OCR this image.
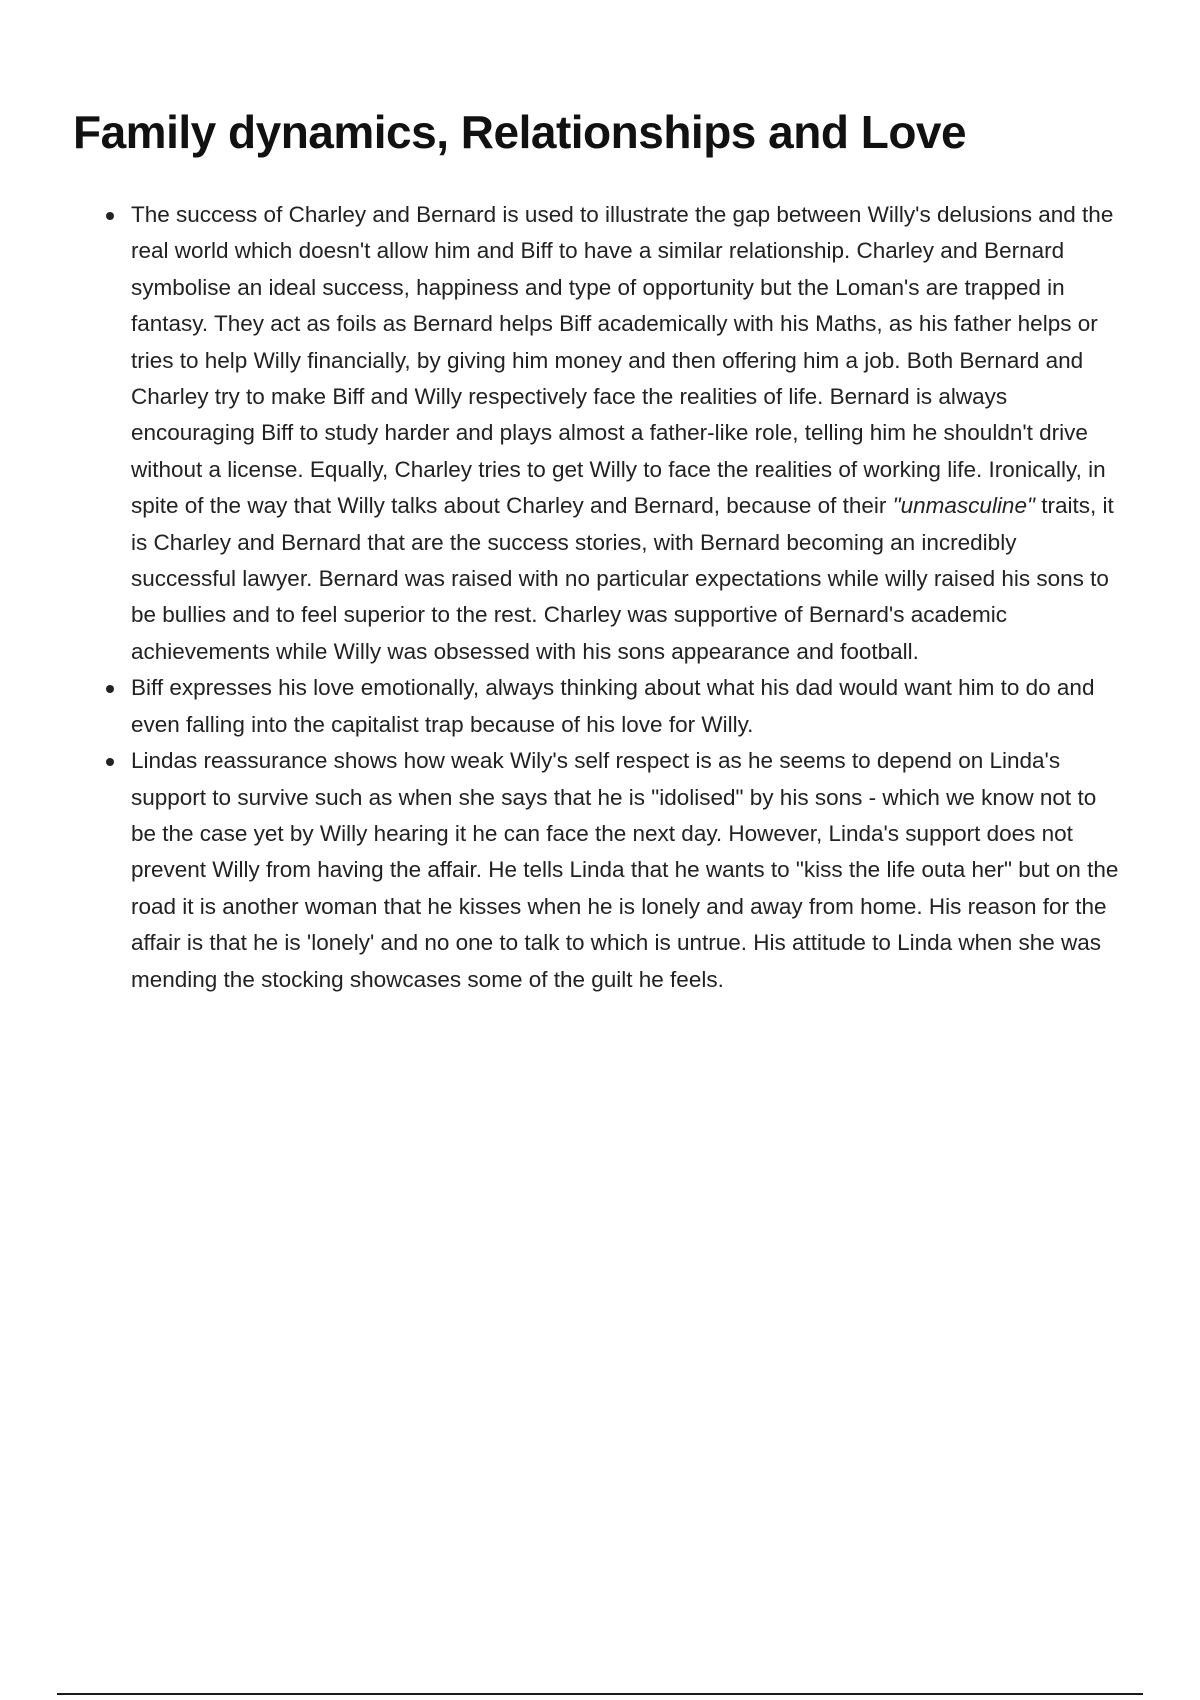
Family dynamics, Relationships and Love
The success of Charley and Bernard is used to illustrate the gap between Willy's delusions and the real world which doesn't allow him and Biff to have a similar relationship. Charley and Bernard symbolise an ideal success, happiness and type of opportunity but the Loman's are trapped in fantasy. They act as foils as Bernard helps Biff academically with his Maths, as his father helps or tries to help Willy financially, by giving him money and then offering him a job. Both Bernard and Charley try to make Biff and Willy respectively face the realities of life. Bernard is always encouraging Biff to study harder and plays almost a father-like role, telling him he shouldn't drive without a license. Equally, Charley tries to get Willy to face the realities of working life. Ironically, in spite of the way that Willy talks about Charley and Bernard, because of their "unmasculine" traits, it is Charley and Bernard that are the success stories, with Bernard becoming an incredibly successful lawyer. Bernard was raised with no particular expectations while willy raised his sons to be bullies and to feel superior to the rest. Charley was supportive of Bernard's academic achievements while Willy was obsessed with his sons appearance and football.
Biff expresses his love emotionally, always thinking about what his dad would want him to do and even falling into the capitalist trap because of his love for Willy.
Lindas reassurance shows how weak Wily's self respect is as he seems to depend on Linda's support to survive such as when she says that he is "idolised" by his sons - which we know not to be the case yet by Willy hearing it he can face the next day. However, Linda's support does not prevent Willy from having the affair. He tells Linda that he wants to "kiss the life outa her" but on the road it is another woman that he kisses when he is lonely and away from home. His reason for the affair is that he is 'lonely' and no one to talk to which is untrue. His attitude to Linda when she was mending the stocking showcases some of the guilt he feels.
